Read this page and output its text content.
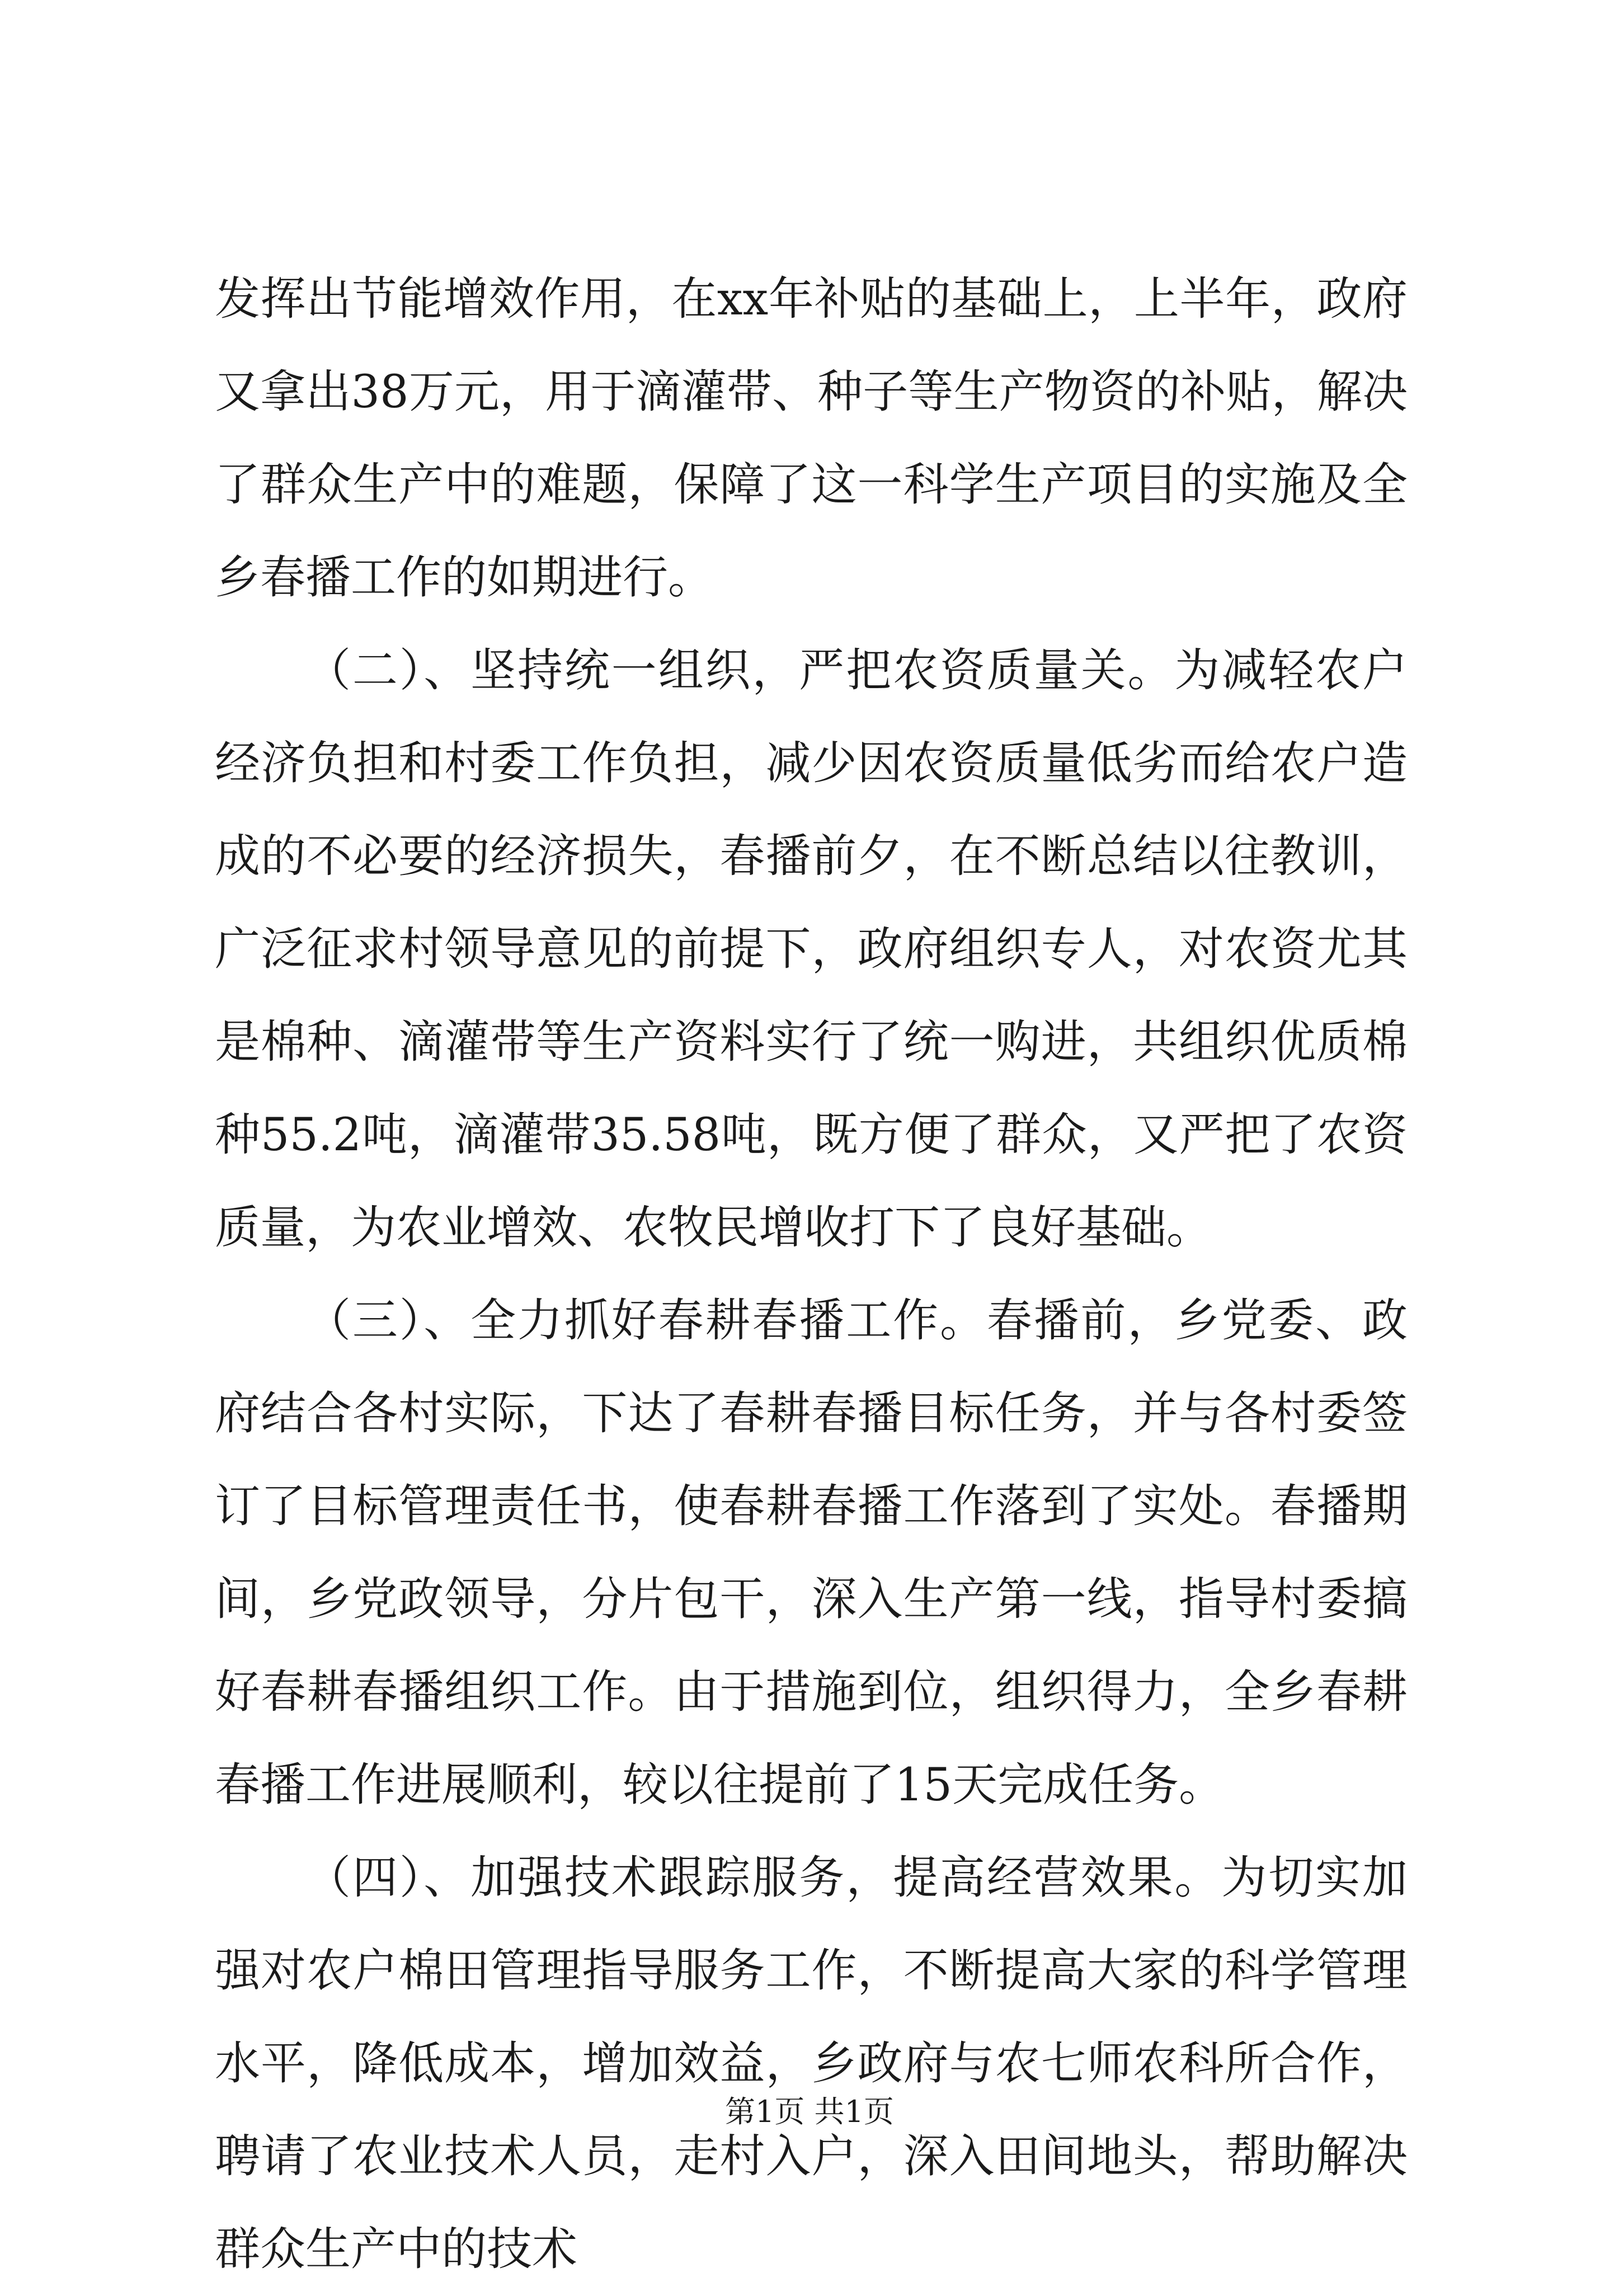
发挥出节能增效作用，在xx年补贴的基础上，上半年，政府又拿出38万元，用于滴灌带、种子等生产物资的补贴，解决了群众生产中的难题，保障了这一科学生产项目的实施及全乡春播工作的如期进行。

（二）、坚持统一组织，严把农资质量关。为减轻农户经济负担和村委工作负担，减少因农资质量低劣而给农户造成的不必要的经济损失，春播前夕，在不断总结以往教训，广泛征求村领导意见的前提下，政府组织专人，对农资尤其是棉种、滴灌带等生产资料实行了统一购进，共组织优质棉种55.2吨，滴灌带35.58吨，既方便了群众，又严把了农资质量，为农业增效、农牧民增收打下了良好基础。

（三）、全力抓好春耕春播工作。春播前，乡党委、政府结合各村实际，下达了春耕春播目标任务，并与各村委签订了目标管理责任书，使春耕春播工作落到了实处。春播期间，乡党政领导，分片包干，深入生产第一线，指导村委搞好春耕春播组织工作。由于措施到位，组织得力，全乡春耕春播工作进展顺利，较以往提前了15天完成任务。

（四）、加强技术跟踪服务，提高经营效果。为切实加强对农户棉田管理指导服务工作，不断提高大家的科学管理水平，降低成本，增加效益，乡政府与农七师农科所合作，聘请了农业技术人员，走村入户，深入田间地头，帮助解决群众生产中的技术

第1页 共1页
